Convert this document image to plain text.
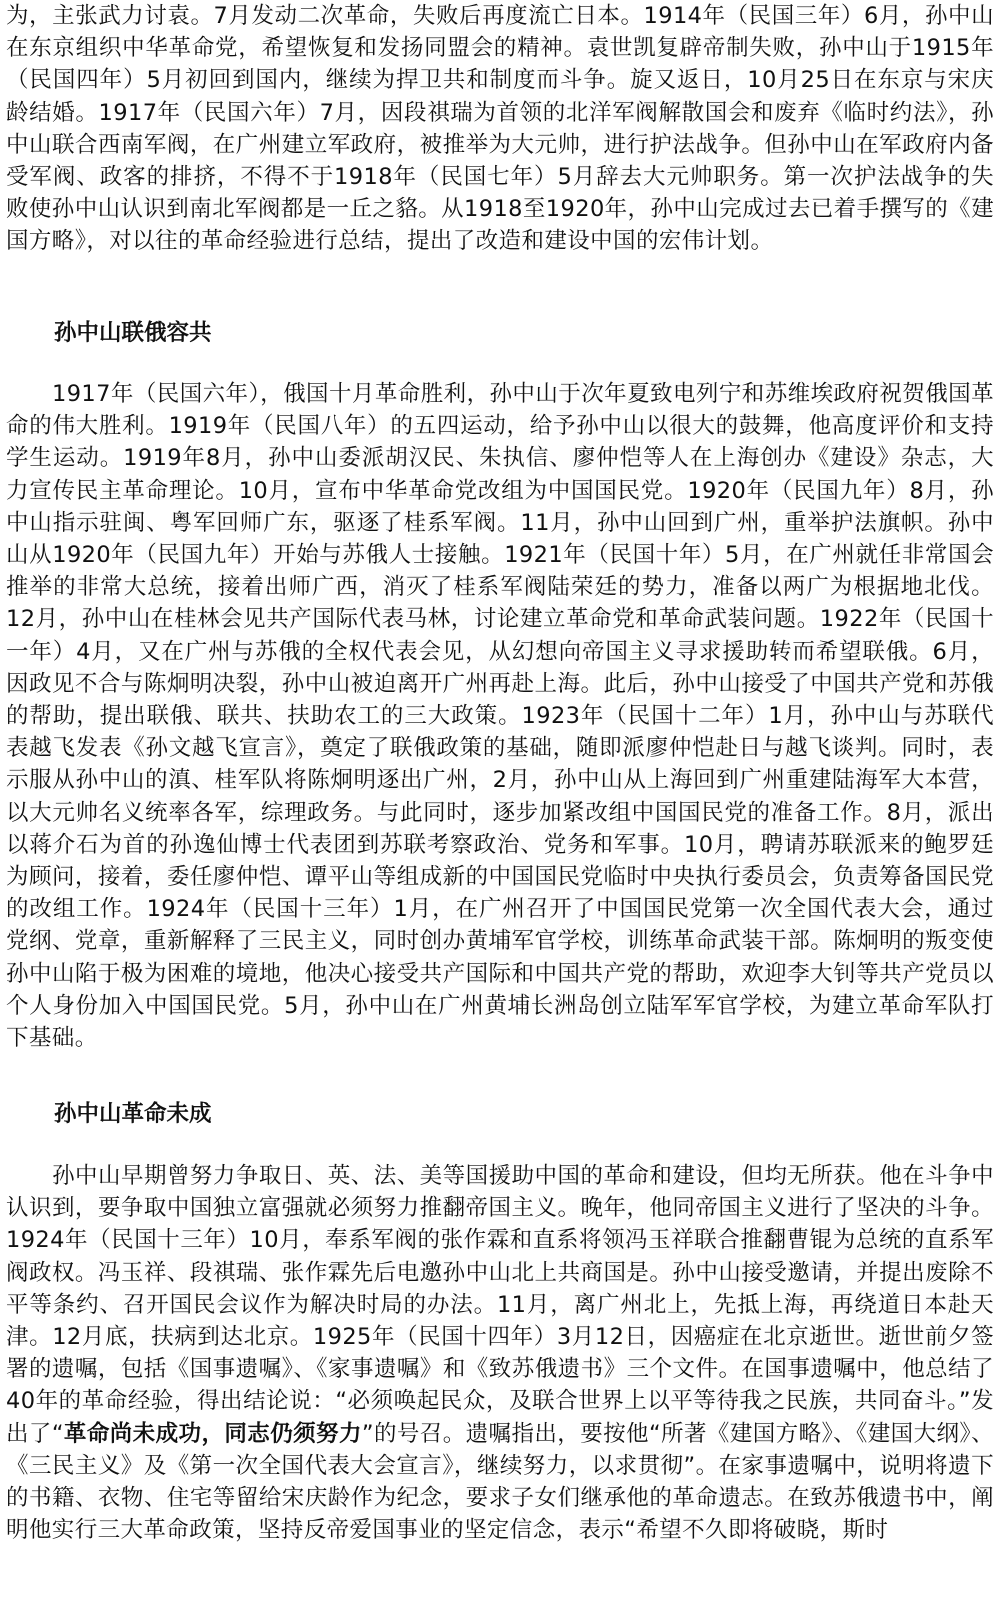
为，主张武力讨袁。7月发动二次革命，失败后再度流亡日本。1914年（民国三年）6月，孙中山在东京组织中华革命党，希望恢复和发扬同盟会的精神。袁世凯复辟帝制失败，孙中山于1915年（民国四年）5月初回到国内，继续为捍卫共和制度而斗争。旋又返日，10月25日在东京与宋庆龄结婚。1917年（民国六年）7月，因段祺瑞为首领的北洋军阀解散国会和废弃《临时约法》，孙中山联合西南军阀，在广州建立军政府，被推举为大元帅，进行护法战争。但孙中山在军政府内备受军阀、政客的排挤，不得不于1918年（民国七年）5月辞去大元帅职务。第一次护法战争的失败使孙中山认识到南北军阀都是一丘之貉。从1918至1920年，孙中山完成过去已着手撰写的《建国方略》，对以往的革命经验进行总结，提出了改造和建设中国的宏伟计划。

孙中山联俄容共

1917年（民国六年），俄国十月革命胜利，孙中山于次年夏致电列宁和苏维埃政府祝贺俄国革命的伟大胜利。1919年（民国八年）的五四运动，给予孙中山以很大的鼓舞，他高度评价和支持学生运动。1919年8月，孙中山委派胡汉民、朱执信、廖仲恺等人在上海创办《建设》杂志，大力宣传民主革命理论。10月，宣布中华革命党改组为中国国民党。1920年（民国九年）8月，孙中山指示驻闽、粤军回师广东，驱逐了桂系军阀。11月，孙中山回到广州，重举护法旗帜。孙中山从1920年（民国九年）开始与苏俄人士接触。1921年（民国十年）5月，在广州就任非常国会推举的非常大总统，接着出师广西，消灭了桂系军阀陆荣廷的势力，准备以两广为根据地北伐。12月，孙中山在桂林会见共产国际代表马林，讨论建立革命党和革命武装问题。1922年（民国十一年）4月，又在广州与苏俄的全权代表会见，从幻想向帝国主义寻求援助转而希望联俄。6月，因政见不合与陈炯明决裂，孙中山被迫离开广州再赴上海。此后，孙中山接受了中国共产党和苏俄的帮助，提出联俄、联共、扶助农工的三大政策。1923年（民国十二年）1月，孙中山与苏联代表越飞发表《孙文越飞宣言》，奠定了联俄政策的基础，随即派廖仲恺赴日与越飞谈判。同时，表示服从孙中山的滇、桂军队将陈炯明逐出广州，2月，孙中山从上海回到广州重建陆海军大本营，以大元帅名义统率各军，综理政务。与此同时，逐步加紧改组中国国民党的准备工作。8月，派出以蒋介石为首的孙逸仙博士代表团到苏联考察政治、党务和军事。10月，聘请苏联派来的鲍罗廷为顾问，接着，委任廖仲恺、谭平山等组成新的中国国民党临时中央执行委员会，负责筹备国民党的改组工作。1924年（民国十三年）1月，在广州召开了中国国民党第一次全国代表大会，通过党纲、党章，重新解释了三民主义，同时创办黄埔军官学校，训练革命武装干部。陈炯明的叛变使孙中山陷于极为困难的境地，他决心接受共产国际和中国共产党的帮助，欢迎李大钊等共产党员以个人身份加入中国国民党。5月，孙中山在广州黄埔长洲岛创立陆军军官学校，为建立革命军队打下基础。

孙中山革命未成

孙中山早期曾努力争取日、英、法、美等国援助中国的革命和建设，但均无所获。他在斗争中认识到，要争取中国独立富强就必须努力推翻帝国主义。晚年，他同帝国主义进行了坚决的斗争。1924年（民国十三年）10月，奉系军阀的张作霖和直系将领冯玉祥联合推翻曹锟为总统的直系军阀政权。冯玉祥、段祺瑞、张作霖先后电邀孙中山北上共商国是。孙中山接受邀请，并提出废除不平等条约、召开国民会议作为解决时局的办法。11月，离广州北上，先抵上海，再绕道日本赴天津。12月底，扶病到达北京。1925年（民国十四年）3月12日，因癌症在北京逝世。逝世前夕签署的遗嘱，包括《国事遗嘱》、《家事遗嘱》和《致苏俄遗书》三个文件。在国事遗嘱中，他总结了40年的革命经验，得出结论说：“必须唤起民众，及联合世界上以平等待我之民族，共同奋斗。”发出了“革命尚未成功，同志仍须努力”的号召。遗嘱指出，要按他“所著《建国方略》、《建国大纲》、《三民主义》及《第一次全国代表大会宣言》，继续努力，以求贯彻”。在家事遗嘱中，说明将遗下的书籍、衣物、住宅等留给宋庆龄作为纪念，要求子女们继承他的革命遗志。在致苏俄遗书中，阐明他实行三大革命政策，坚持反帝爱国事业的坚定信念，表示“希望不久即将破晓，斯时
